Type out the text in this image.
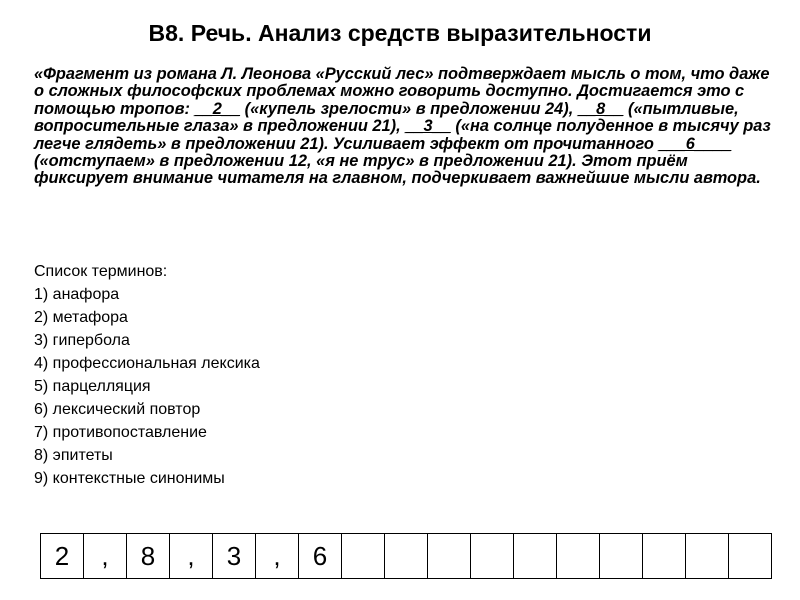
B8. Речь. Анализ средств выразительности
«Фрагмент из романа Л. Леонова «Русский лес» подтверждает мысль о том, что даже о сложных философских проблемах можно говорить доступно. Достигается это с помощью тропов: __2__ («купель зрелости» в предложении 24), __8__ («пытливые, вопросительные глаза» в предложении 21), __3__ («на солнце полуденное в тысячу раз легче глядеть» в предложении 21). Усиливает эффект от прочитанного ___6____ («отступаем» в предложении 12, «я не трус» в предложении 21). Этот приём фиксирует внимание читателя на главном, подчеркивает важнейшие мысли автора.
Список терминов:
1) анафора
2) метафора
3) гипербола
4) профессиональная лексика
5) парцелляция
6) лексический повтор
7) противопоставление
8) эпитеты
9) контекстные синонимы
2	,	8	,	3	,	6										
